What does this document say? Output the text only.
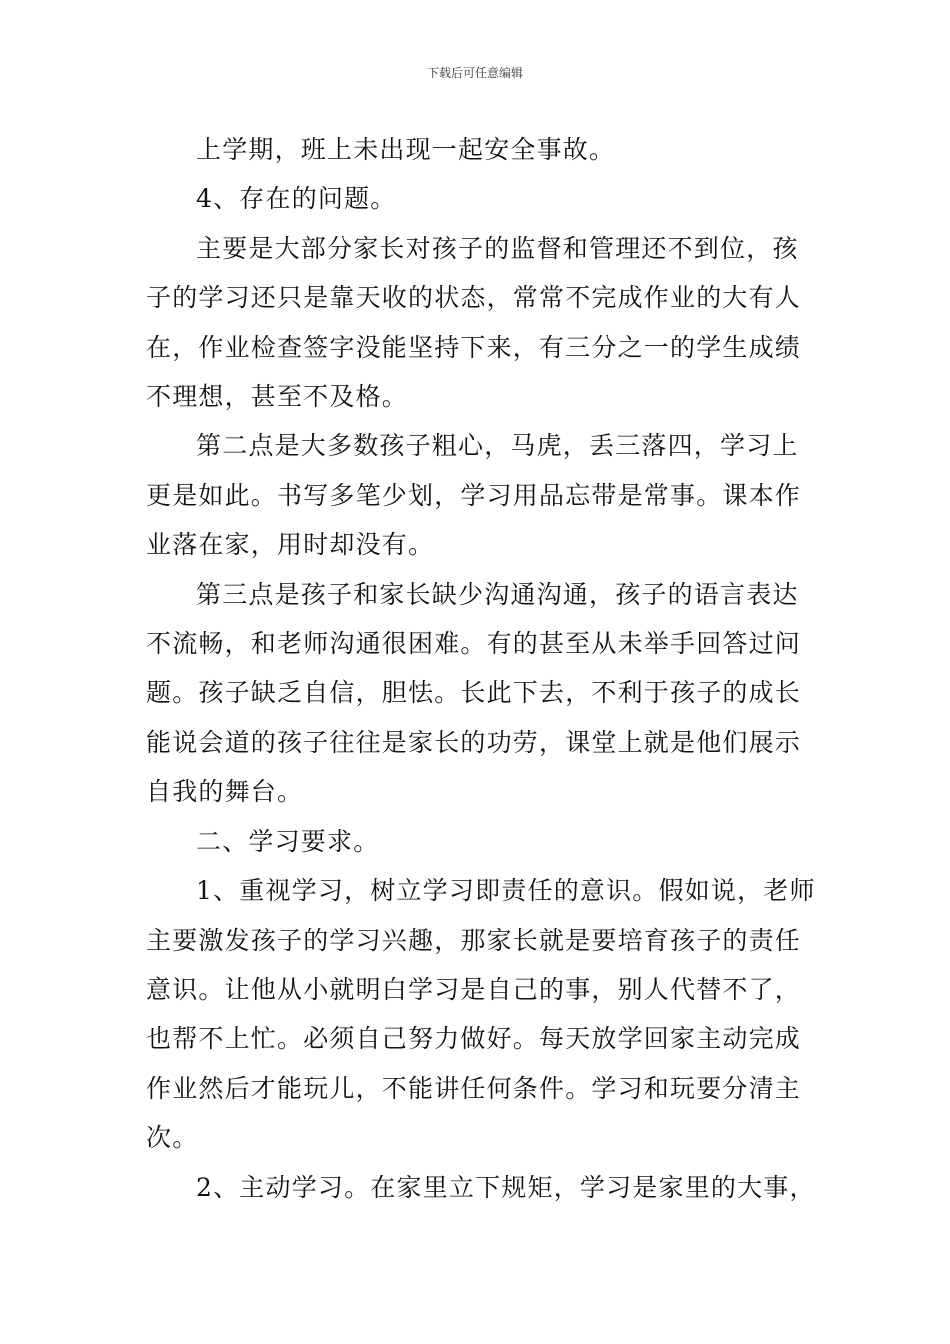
下载后可任意编辑

上学期，班上未出现一起安全事故。

4、存在的问题。

主要是大部分家长对孩子的监督和管理还不到位，孩
子的学习还只是靠天收的状态，常常不完成作业的大有人
在，作业检查签字没能坚持下来，有三分之一的学生成绩
不理想，甚至不及格。

第二点是大多数孩子粗心，马虎，丢三落四，学习上
更是如此。书写多笔少划，学习用品忘带是常事。课本作
业落在家，用时却没有。

第三点是孩子和家长缺少沟通沟通，孩子的语言表达
不流畅，和老师沟通很困难。有的甚至从未举手回答过问
题。孩子缺乏自信，胆怯。长此下去，不利于孩子的成长
能说会道的孩子往往是家长的功劳，课堂上就是他们展示
自我的舞台。

二、学习要求。

1、重视学习，树立学习即责任的意识。假如说，老师
主要激发孩子的学习兴趣，那家长就是要培育孩子的责任
意识。让他从小就明白学习是自己的事，别人代替不了，
也帮不上忙。必须自己努力做好。每天放学回家主动完成
作业然后才能玩儿，不能讲任何条件。学习和玩要分清主
次。

2、主动学习。在家里立下规矩，学习是家里的大事，
